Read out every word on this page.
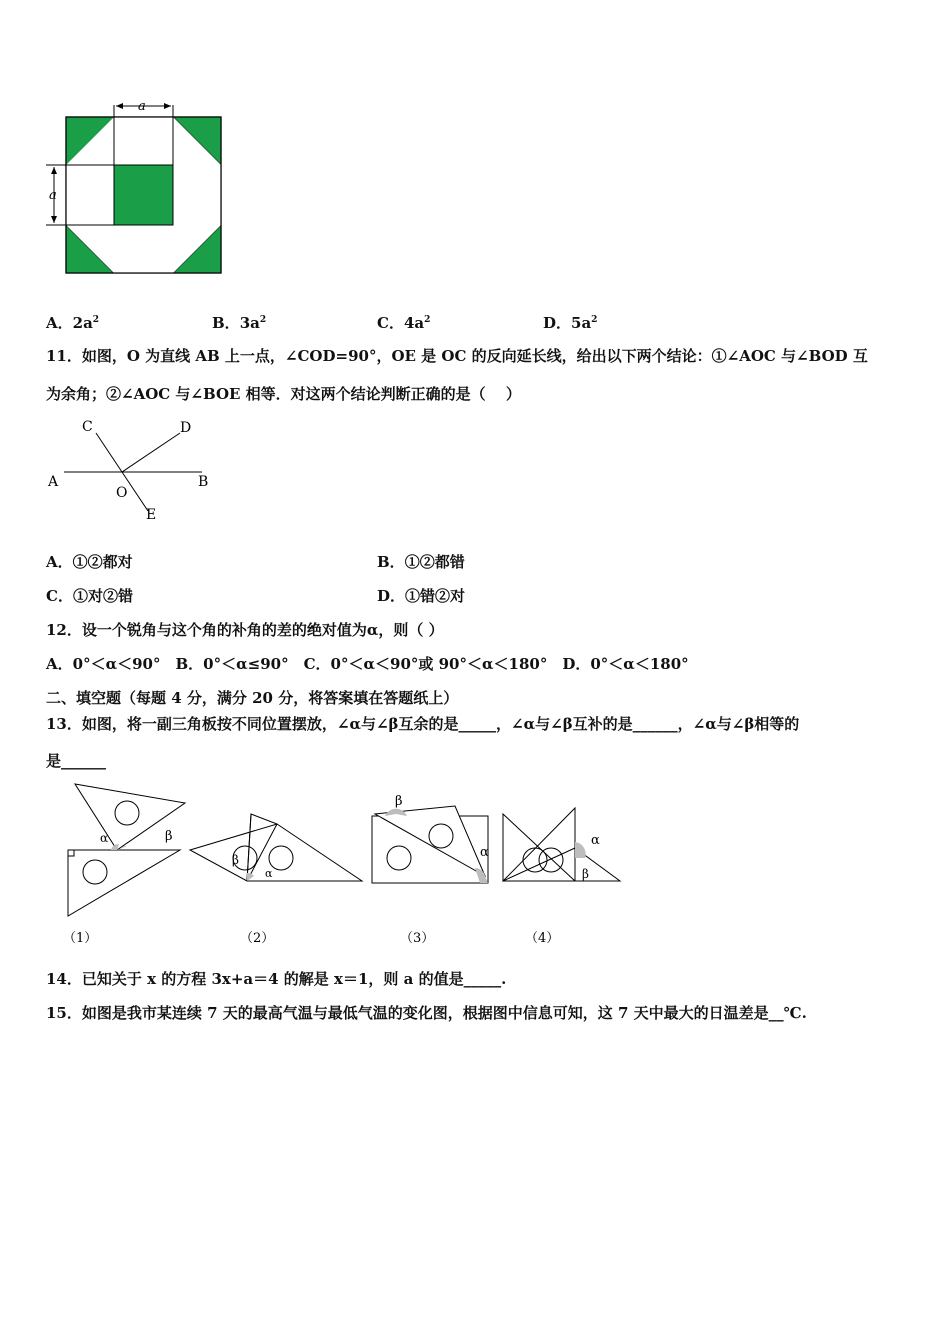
a
a
A．$2a^2$	B．$3a^2$	C．$4a^2$	D．$5a^2$
11．如图，O 为直线 AB 上一点，∠COD=90°，OE 是 OC 的反向延长线，给出以下两个结论：①∠AOC 与∠BOD 互
为余角；②∠AOC 与∠BOE 相等．对这两个结论判断正确的是（　 ）
C	D
A
O
B
E
A．①②都对	B．①②都错
C．①对②错	D．①错②对
12．设一个锐角与这个角的补角的差的绝对值为α，则（ ）
A．0°＜α＜90°　B．0°＜α≤90°　C．0°＜α＜90°或 90°＜α＜180°　D．0°＜α＜180°
二、填空题（每题 4 分，满分 20 分，将答案填在答题纸上）
13．如图，将一副三角板按不同位置摆放，∠α与∠β互余的是_____，∠α与∠β互补的是______，∠α与∠β相等的
是______
α	β
（1）
β
α
（2）
β
α
（3）
α
β
（4）
14．已知关于 x 的方程 3x+a＝4 的解是 x＝1，则 a 的值是_____.
15．如图是我市某连续 7 天的最高气温与最低气温的变化图，根据图中信息可知，这 7 天中最大的日温差是__℃.
